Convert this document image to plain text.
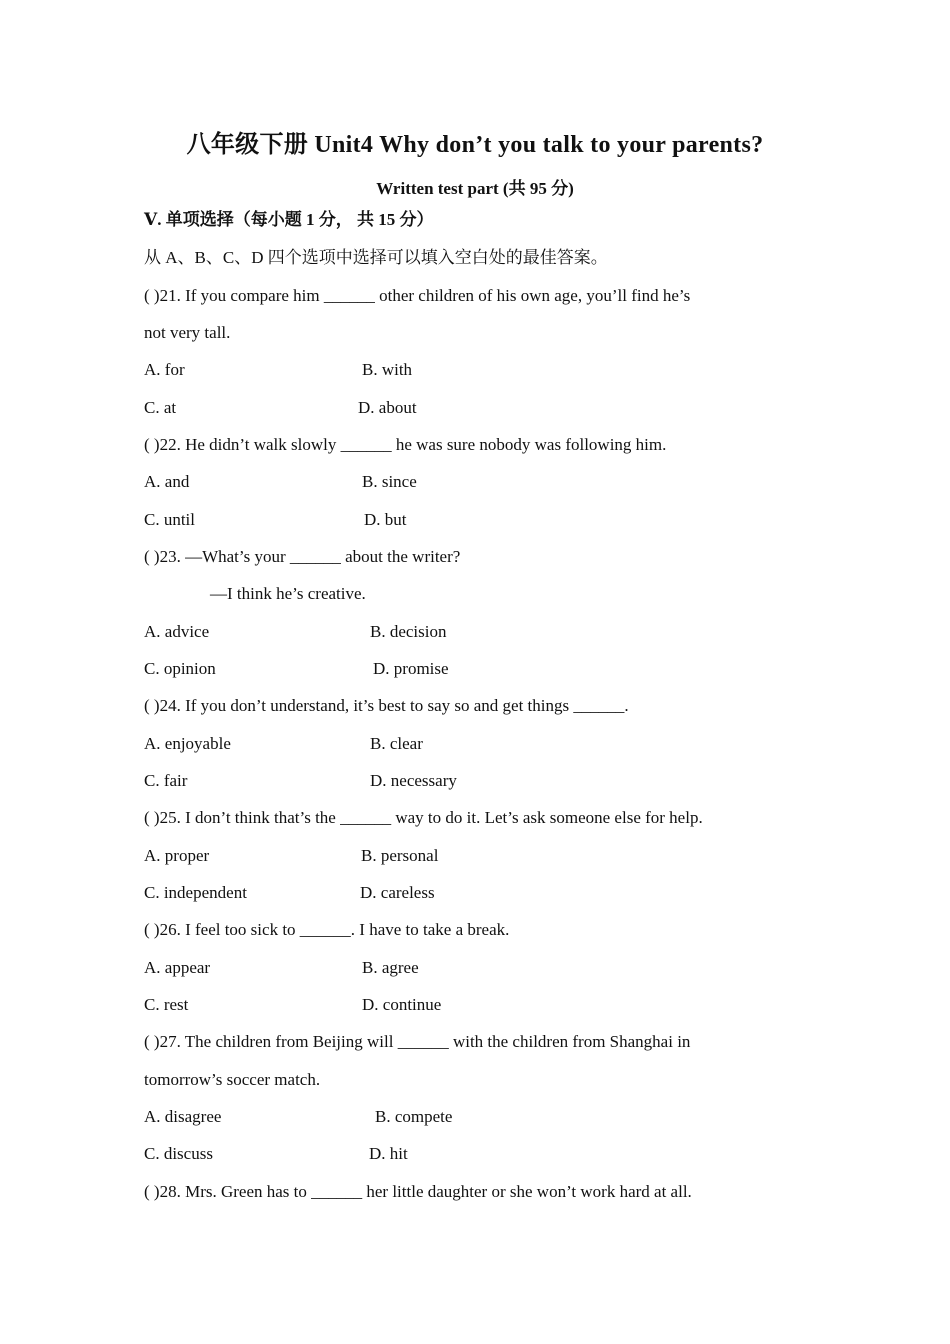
八年级下册 Unit4 Why don’t you talk to your parents?
Written test part (共 95 分)
Ⅴ. 单项选择（每小题 1 分， 共 15 分）
从 A、B、C、D 四个选项中选择可以填入空白处的最佳答案。
( )21. If you compare him ______ other children of his own age, you’ll find he’s
not very tall.
A. for	B. with
C. at	D. about
( )22. He didn’t walk slowly ______ he was sure nobody was following him.
A. and	B. since
C. until	D. but
( )23. —What’s your ______ about the writer?
—I think he’s creative.
A. advice	B. decision
C. opinion	D. promise
( )24. If you don’t understand, it’s best to say so and get things ______.
A. enjoyable	B. clear
C. fair	D. necessary
( )25. I don’t think that’s the ______ way to do it. Let’s ask someone else for help.
A. proper	B. personal
C. independent	D. careless
( )26. I feel too sick to ______. I have to take a break.
A. appear	B. agree
C. rest	D. continue
( )27. The children from Beijing will ______ with the children from Shanghai in
tomorrow’s soccer match.
A. disagree	B. compete
C. discuss	D. hit
( )28. Mrs. Green has to ______ her little daughter or she won’t work hard at all.
